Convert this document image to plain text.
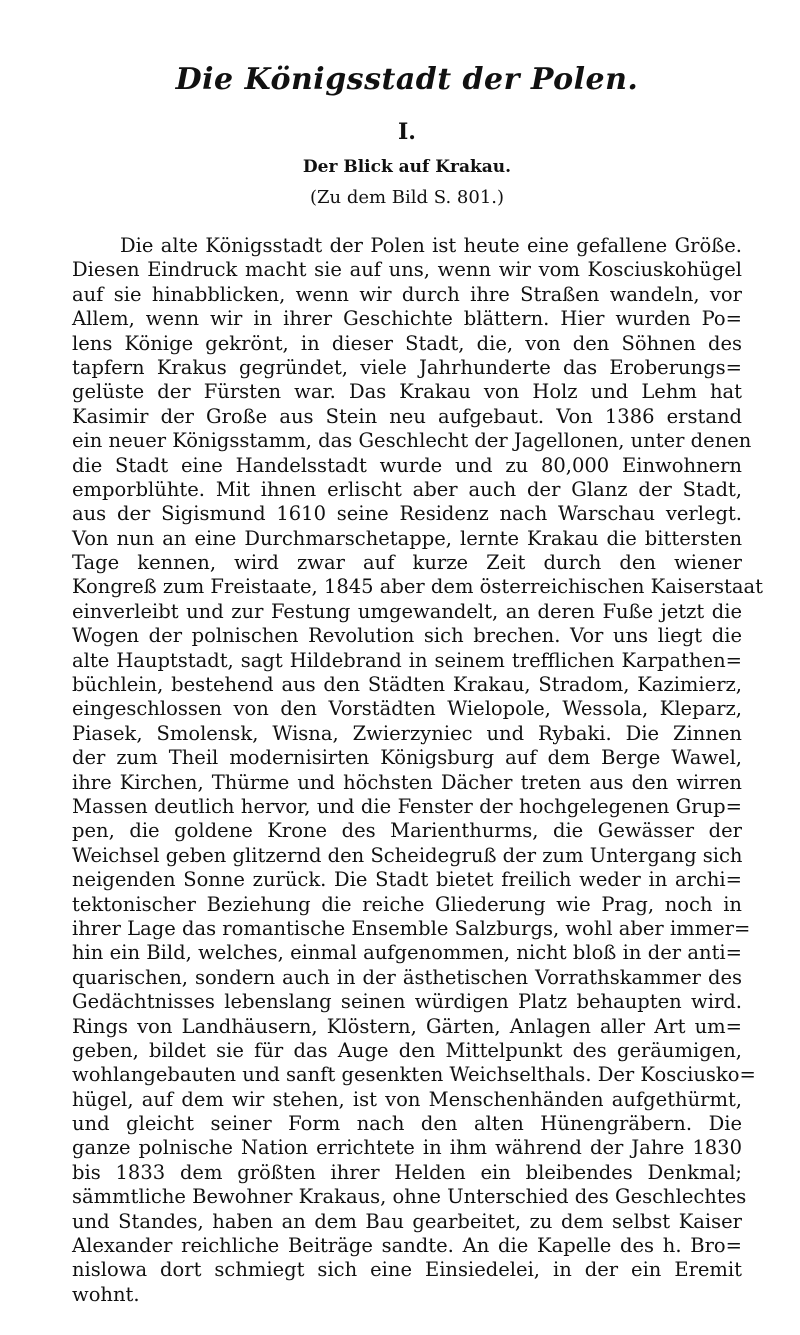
Die Königsstadt der Polen.
I.
Der Blick auf Krakau.
(Zu dem Bild S. 801.)
Die alte Königsstadt der Polen ist heute eine gefallene Größe.
Diesen Eindruck macht sie auf uns, wenn wir vom Kosciuskohügel
auf sie hinabblicken, wenn wir durch ihre Straßen wandeln, vor
Allem, wenn wir in ihrer Geschichte blättern. Hier wurden Po=
lens Könige gekrönt, in dieser Stadt, die, von den Söhnen des
tapfern Krakus gegründet, viele Jahrhunderte das Eroberungs=
gelüste der Fürsten war. Das Krakau von Holz und Lehm hat
Kasimir der Große aus Stein neu aufgebaut. Von 1386 erstand
ein neuer Königsstamm, das Geschlecht der Jagellonen, unter denen
die Stadt eine Handelsstadt wurde und zu 80,000 Einwohnern
emporblühte. Mit ihnen erlischt aber auch der Glanz der Stadt,
aus der Sigismund 1610 seine Residenz nach Warschau verlegt.
Von nun an eine Durchmarschetappe, lernte Krakau die bittersten
Tage kennen, wird zwar auf kurze Zeit durch den wiener
Kongreß zum Freistaate, 1845 aber dem österreichischen Kaiserstaat
einverleibt und zur Festung umgewandelt, an deren Fuße jetzt die
Wogen der polnischen Revolution sich brechen. Vor uns liegt die
alte Hauptstadt, sagt Hildebrand in seinem trefflichen Karpathen=
büchlein, bestehend aus den Städten Krakau, Stradom, Kazimierz,
eingeschlossen von den Vorstädten Wielopole, Wessola, Kleparz,
Piasek, Smolensk, Wisna, Zwierzyniec und Rybaki. Die Zinnen
der zum Theil modernisirten Königsburg auf dem Berge Wawel,
ihre Kirchen, Thürme und höchsten Dächer treten aus den wirren
Massen deutlich hervor, und die Fenster der hochgelegenen Grup=
pen, die goldene Krone des Marienthurms, die Gewässer der
Weichsel geben glitzernd den Scheidegruß der zum Untergang sich
neigenden Sonne zurück. Die Stadt bietet freilich weder in archi=
tektonischer Beziehung die reiche Gliederung wie Prag, noch in
ihrer Lage das romantische Ensemble Salzburgs, wohl aber immer=
hin ein Bild, welches, einmal aufgenommen, nicht bloß in der anti=
quarischen, sondern auch in der ästhetischen Vorrathskammer des
Gedächtnisses lebenslang seinen würdigen Platz behaupten wird.
Rings von Landhäusern, Klöstern, Gärten, Anlagen aller Art um=
geben, bildet sie für das Auge den Mittelpunkt des geräumigen,
wohlangebauten und sanft gesenkten Weichselthals. Der Kosciusko=
hügel, auf dem wir stehen, ist von Menschenhänden aufgethürmt,
und gleicht seiner Form nach den alten Hünengräbern. Die
ganze polnische Nation errichtete in ihm während der Jahre 1830
bis 1833 dem größten ihrer Helden ein bleibendes Denkmal;
sämmtliche Bewohner Krakaus, ohne Unterschied des Geschlechtes
und Standes, haben an dem Bau gearbeitet, zu dem selbst Kaiser
Alexander reichliche Beiträge sandte. An die Kapelle des h. Bro=
nislowa dort schmiegt sich eine Einsiedelei, in der ein Eremit
wohnt.
